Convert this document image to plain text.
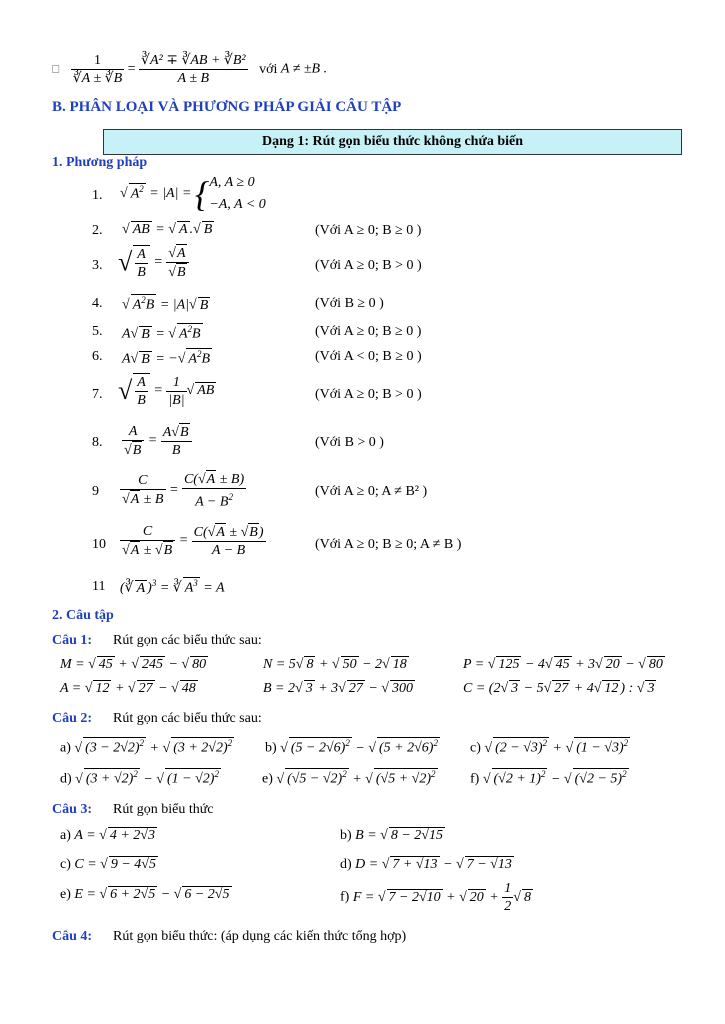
□ $\frac{1}{∛A \pm ∛B} = \frac{\text{∛A² ∓ ∛AB + ∛B²}}{A \pm B}$ với A ≠ ±B .
B. PHÂN LOẠI VÀ PHƯƠNG PHÁP GIẢI CÂU TẬP
Dạng 1: Rút gọn biểu thức không chứa biến
1. Phương pháp
1. √ $A^2 = |A| = \{A$, A ≥ 0
−A, A < 0
2. √ AB = √ A .√ B	(Với A ≥ 0; B ≥ 0 )
3. √ $\frac{A}{B} = \frac{√A}{√B}$	(Với A ≥ 0; B > 0 )
4. √ $A^2B = |A|√$ B	(Với B ≥ 0 )
5. A√ B = √ $A^2B$	(Với A ≥ 0; B ≥ 0 )
6. A√ B = −√ $A^2B$	(Với A < 0; B ≥ 0 )
7. √ $\frac{A}{B} = \frac{1}{|B|}$ √ AB	(Với A ≥ 0; B > 0 )
8. $\frac{A}{√B} = \frac{A√B}{B}$	(Với B > 0 )
$9 \frac{C}{√A \pm B} = \frac{C(√A \pm B)}{A - B^2}$	(Với A ≥ 0; A ≠ B² )
$10 \frac{C}{√A \pm √B} = \frac{C(√A \pm √B)}{A - B}$	(Với A ≥ 0; B ≥ 0; A ≠ B )
11 (∛ A )$^3$ = ∛ $A^3 = A$
2. Câu tập
Câu 1: Rút gọn các biểu thức sau:
M = √ 45 + √ 245 − √ 80	N = 5√ 8 + √ 50 − 2√ 18	P = √ 125 − 4√ 45 + 3√ 20 − √ 80
A = √ 12 + √ 27 − √ 48	B = 2√ 3 + 3√ 27 − √ 300	C = (2√ 3 − 5√ 27 + 4√ 12 ) : √ 3
Câu 2: Rút gọn các biểu thức sau:
a) √ $(3 - 2√2)^2$ + √ $(3 + 2√2)^2$ b) √ $(5 - 2√6)^2$ − √ $(5 + 2√6)^2$ c) √ $(2 - √3)^2$ + √ $(1 - √3)^2$
d) √ $(3 + √2)^2$ − √ $(1 - √2)^2$	e) √ $(√5 - √2)^2$ + √ $(√5 + √2)^2$ f) √ $(√2 + 1)^2$ − √ $(√2 - 5)^2$
Câu 3: Rút gọn biểu thức
a) A = √ 4 + 2√3	b) B = √ 8 − 2√15
c) C = √ 9 − 4√5	d) D = √ 7 + √13 − √ 7 − √13
e) E = √ 6 + 2√5 − √ 6 − 2√5	f) F = √ 7 − 2√10 + √ $20 + \frac{1}{2}$ √ 8
Câu 4: Rút gọn biểu thức: (áp dụng các kiến thức tổng hợp)
